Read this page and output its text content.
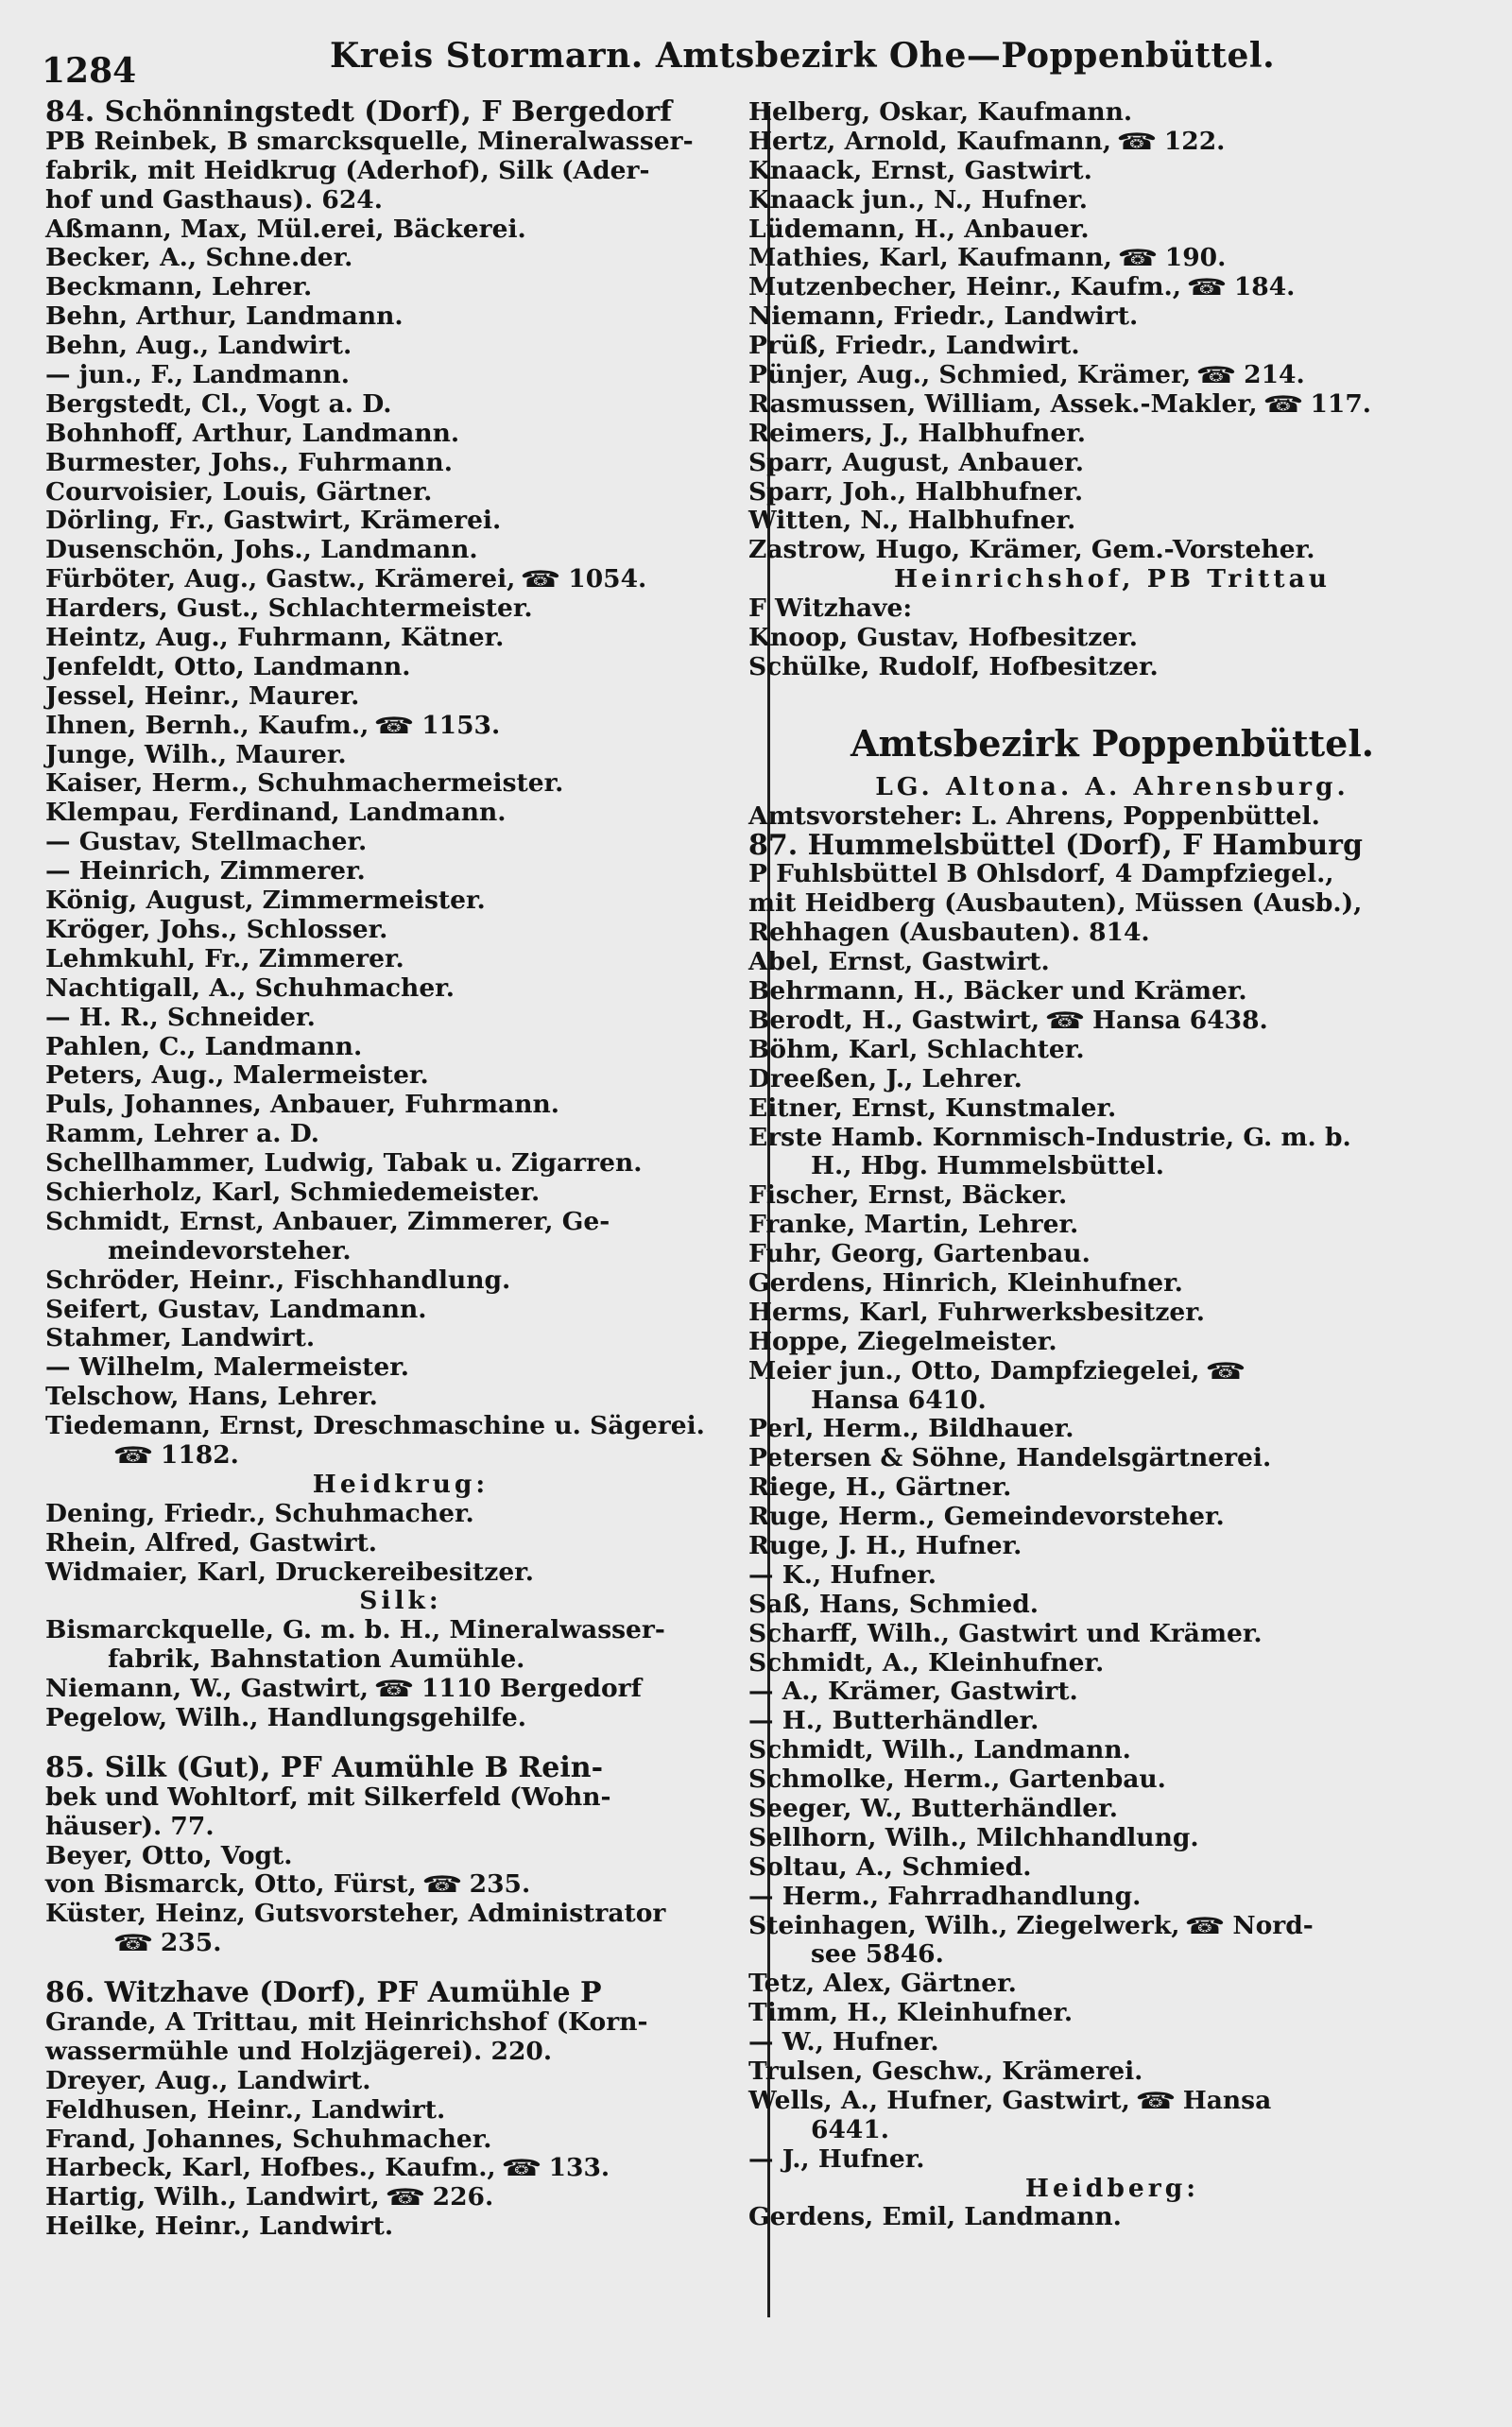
1284	Kreis Stormarn. Amtsbezirk Ohe—Poppenbüttel.
84. Schönningstedt (Dorf), F Bergedorf
PB Reinbek, B smarcksquelle, Mineralwasser-
fabrik, mit Heidkrug (Aderhof), Silk (Ader-
hof und Gasthaus). 624.
Aßmann, Max, Mül.erei, Bäckerei.
Becker, A., Schne.der.
Beckmann, Lehrer.
Behn, Arthur, Landmann.
Behn, Aug., Landwirt.
— jun., F., Landmann.
Bergstedt, Cl., Vogt a. D.
Bohnhoff, Arthur, Landmann.
Burmester, Johs., Fuhrmann.
Courvoisier, Louis, Gärtner.
Dörling, Fr., Gastwirt, Krämerei.
Dusenschön, Johs., Landmann.
Fürböter, Aug., Gastw., Krämerei, ☎ 1054.
Harders, Gust., Schlachtermeister.
Heintz, Aug., Fuhrmann, Kätner.
Jenfeldt, Otto, Landmann.
Jessel, Heinr., Maurer.
Ihnen, Bernh., Kaufm., ☎ 1153.
Junge, Wilh., Maurer.
Kaiser, Herm., Schuhmachermeister.
Klempau, Ferdinand, Landmann.
— Gustav, Stellmacher.
— Heinrich, Zimmerer.
König, August, Zimmermeister.
Kröger, Johs., Schlosser.
Lehmkuhl, Fr., Zimmerer.
Nachtigall, A., Schuhmacher.
— H. R., Schneider.
Pahlen, C., Landmann.
Peters, Aug., Malermeister.
Puls, Johannes, Anbauer, Fuhrmann.
Ramm, Lehrer a. D.
Schellhammer, Ludwig, Tabak u. Zigarren.
Schierholz, Karl, Schmiedemeister.
Schmidt, Ernst, Anbauer, Zimmerer, Ge-
meindevorsteher.
Schröder, Heinr., Fischhandlung.
Seifert, Gustav, Landmann.
Stahmer, Landwirt.
— Wilhelm, Malermeister.
Telschow, Hans, Lehrer.
Tiedemann, Ernst, Dreschmaschine u. Sägerei.
☎ 1182.
Heidkrug:
Dening, Friedr., Schuhmacher.
Rhein, Alfred, Gastwirt.
Widmaier, Karl, Druckereibesitzer.
Silk:
Bismarckquelle, G. m. b. H., Mineralwasser-
fabrik, Bahnstation Aumühle.
Niemann, W., Gastwirt, ☎ 1110 Bergedorf
Pegelow, Wilh., Handlungsgehilfe.
85. Silk (Gut), PF Aumühle B Rein-
bek und Wohltorf, mit Silkerfeld (Wohn-
häuser). 77.
Beyer, Otto, Vogt.
von Bismarck, Otto, Fürst, ☎ 235.
Küster, Heinz, Gutsvorsteher, Administrator
☎ 235.
86. Witzhave (Dorf), PF Aumühle P
Grande, A Trittau, mit Heinrichshof (Korn-
wassermühle und Holzjägerei). 220.
Dreyer, Aug., Landwirt.
Feldhusen, Heinr., Landwirt.
Frand, Johannes, Schuhmacher.
Harbeck, Karl, Hofbes., Kaufm., ☎ 133.
Hartig, Wilh., Landwirt, ☎ 226.
Heilke, Heinr., Landwirt.
Helberg, Oskar, Kaufmann.
Hertz, Arnold, Kaufmann, ☎ 122.
Knaack, Ernst, Gastwirt.
Knaack jun., N., Hufner.
Lüdemann, H., Anbauer.
Mathies, Karl, Kaufmann, ☎ 190.
Mutzenbecher, Heinr., Kaufm., ☎ 184.
Niemann, Friedr., Landwirt.
Prüß, Friedr., Landwirt.
Pünjer, Aug., Schmied, Krämer, ☎ 214.
Rasmussen, William, Assek.-Makler, ☎ 117.
Reimers, J., Halbhufner.
Sparr, August, Anbauer.
Sparr, Joh., Halbhufner.
Witten, N., Halbhufner.
Zastrow, Hugo, Krämer, Gem.-Vorsteher.
Heinrichshof, PB Trittau
F Witzhave:
Knoop, Gustav, Hofbesitzer.
Schülke, Rudolf, Hofbesitzer.
Amtsbezirk Poppenbüttel.
LG. Altona. A. Ahrensburg.
Amtsvorsteher: L. Ahrens, Poppenbüttel.
87. Hummelsbüttel (Dorf), F Hamburg
P Fuhlsbüttel B Ohlsdorf, 4 Dampfziegel.,
mit Heidberg (Ausbauten), Müssen (Ausb.),
Rehhagen (Ausbauten). 814.
Abel, Ernst, Gastwirt.
Behrmann, H., Bäcker und Krämer.
Berodt, H., Gastwirt, ☎ Hansa 6438.
Böhm, Karl, Schlachter.
Dreeßen, J., Lehrer.
Eitner, Ernst, Kunstmaler.
Erste Hamb. Kornmisch-Industrie, G. m. b.
H., Hbg. Hummelsbüttel.
Fischer, Ernst, Bäcker.
Franke, Martin, Lehrer.
Fuhr, Georg, Gartenbau.
Gerdens, Hinrich, Kleinhufner.
Herms, Karl, Fuhrwerksbesitzer.
Hoppe, Ziegelmeister.
Meier jun., Otto, Dampfziegelei, ☎
Hansa 6410.
Perl, Herm., Bildhauer.
Petersen & Söhne, Handelsgärtnerei.
Riege, H., Gärtner.
Ruge, Herm., Gemeindevorsteher.
Ruge, J. H., Hufner.
— K., Hufner.
Saß, Hans, Schmied.
Scharff, Wilh., Gastwirt und Krämer.
Schmidt, A., Kleinhufner.
— A., Krämer, Gastwirt.
— H., Butterhändler.
Schmidt, Wilh., Landmann.
Schmolke, Herm., Gartenbau.
Seeger, W., Butterhändler.
Sellhorn, Wilh., Milchhandlung.
Soltau, A., Schmied.
— Herm., Fahrradhandlung.
Steinhagen, Wilh., Ziegelwerk, ☎ Nord-
see 5846.
Tetz, Alex, Gärtner.
Timm, H., Kleinhufner.
— W., Hufner.
Trulsen, Geschw., Krämerei.
Wells, A., Hufner, Gastwirt, ☎ Hansa
6441.
— J., Hufner.
Heidberg:
Gerdens, Emil, Landmann.
